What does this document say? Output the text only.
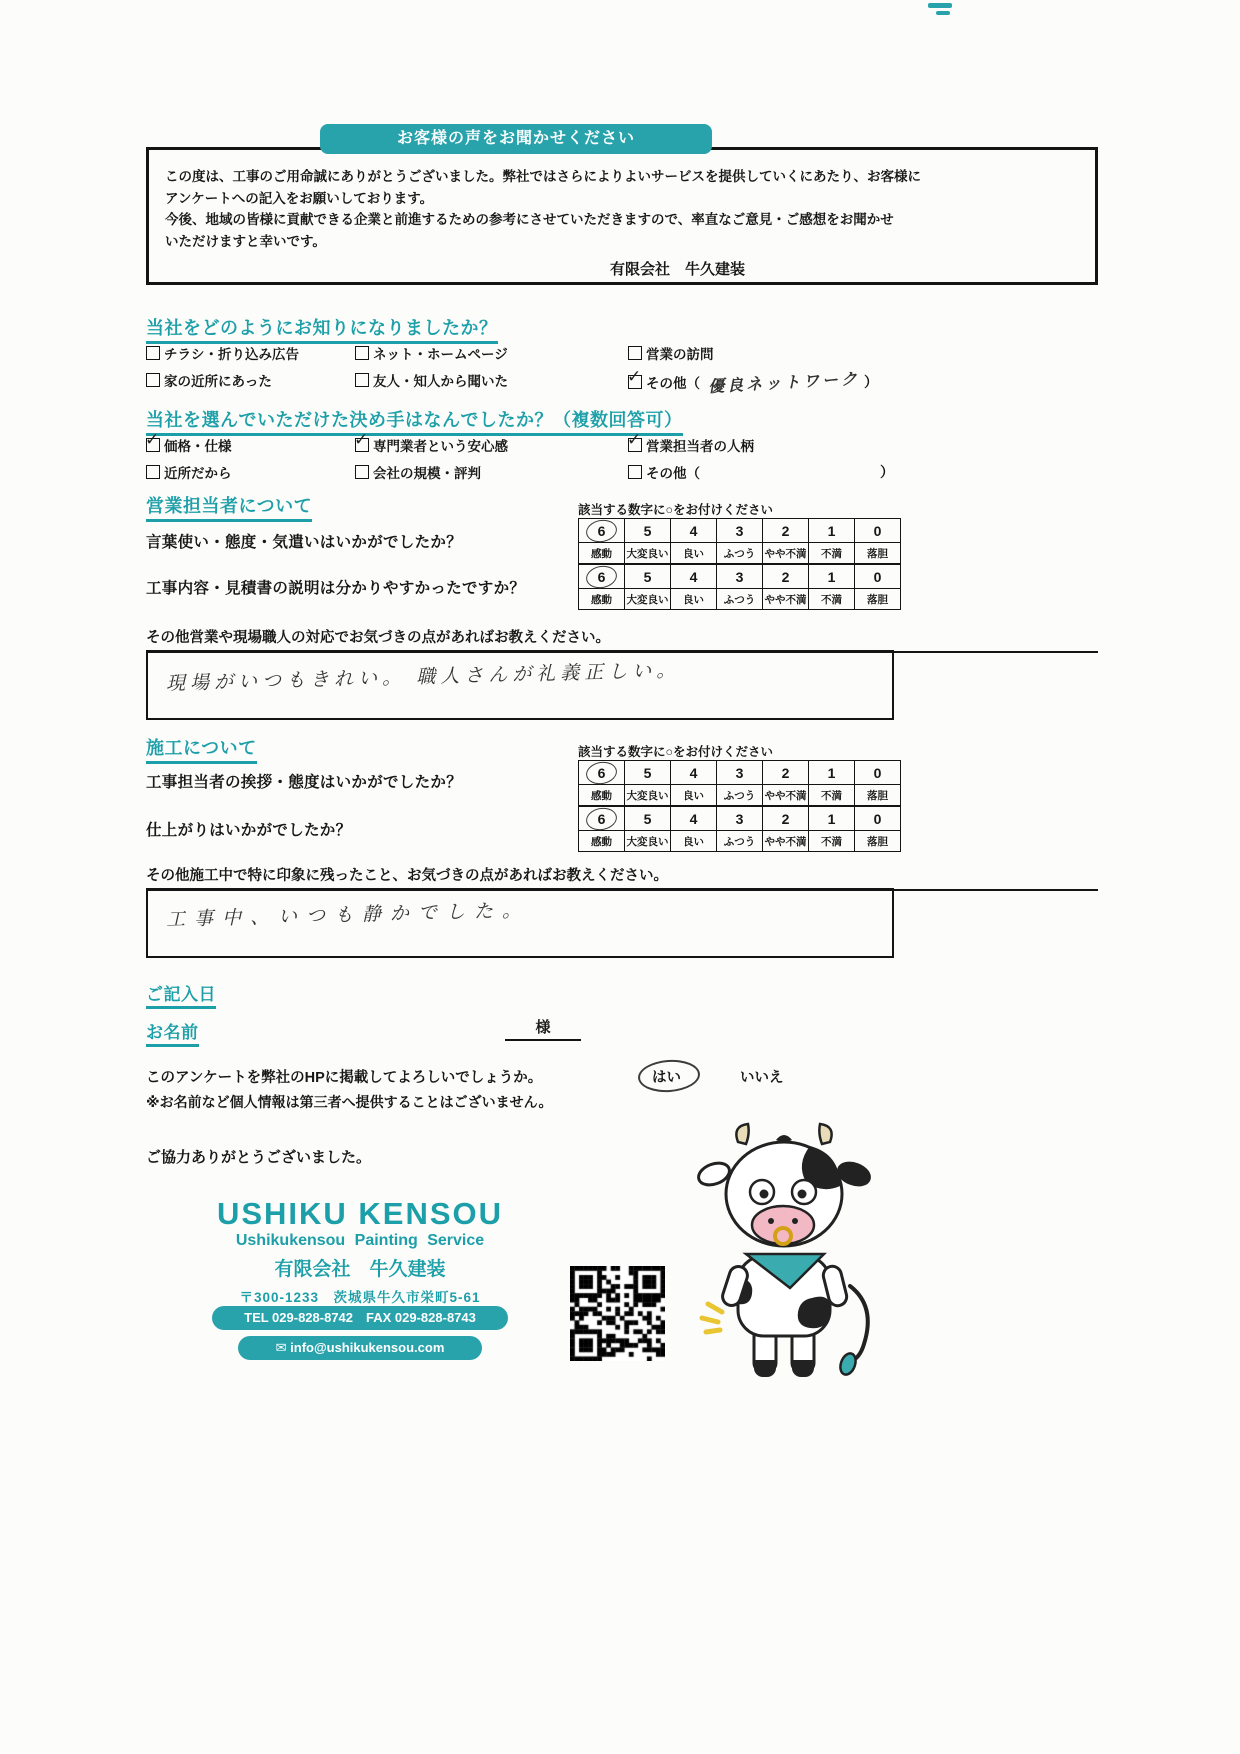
お客様の声をお聞かせください

この度は、工事のご用命誠にありがとうございました。弊社ではさらによりよいサービスを提供していくにあたり、お客様に

アンケートへの記入をお願いしております。

今後、地域の皆様に貢献できる企業と前進するための参考にさせていただきますので、率直なご意見・ご感想をお聞かせ

いただけますと幸いです。

有限会社　牛久建装
当社をどのようにお知りになりましたか？
チラシ・折り込み広告	ネット・ホームページ	営業の訪問
家の近所にあった	友人・知人から聞いた ✓	その他（ 優良ネットワーク ）
当社を選んでいただけた決め手はなんでしたか？（複数回答可）
✓
価格・仕様 ✓	専門業者という安心感 ✓	営業担当者の人柄
近所だから	会社の規模・評判	その他（	）
営業担当者について	該当する数字に○をお付けください
6	5	4	3	2	1	0
感動	大変良い	良い	ふつう	やや不満	不満	落胆
言葉使い・態度・気遣いはいかがでしたか？
6	5	4	3	2	1	0
感動	大変良い	良い	ふつう	やや不満	不満	落胆
工事内容・見積書の説明は分かりやすかったですか？
その他営業や現場職人の対応でお気づきの点があればお教えください。
現場がいつもきれい。 職人さんが礼義正しい。
施工について	該当する数字に○をお付けください
6	5	4	3	2	1	0
感動	大変良い	良い	ふつう	やや不満	不満	落胆
工事担当者の挨拶・態度はいかがでしたか？
6	5	4	3	2	1	0
感動	大変良い	良い	ふつう	やや不満	不満	落胆
仕上がりはいかがでしたか？
その他施工中で特に印象に残ったこと、お気づきの点があればお教えください。
工事中、いつも静かでした。
ご記入日
お名前	様
このアンケートを弊社のHPに掲載してよろしいでしょうか。	はい	いいえ
※お名前など個人情報は第三者へ提供することはございません。
ご協力ありがとうございました。
USHIKU KENSOU
Ushikukensou Painting Service
有限会社　牛久建装
〒300-1233　茨城県牛久市栄町5-61
TEL 029-828-8742　FAX 029-828-8743
✉ info@ushikukensou.com
